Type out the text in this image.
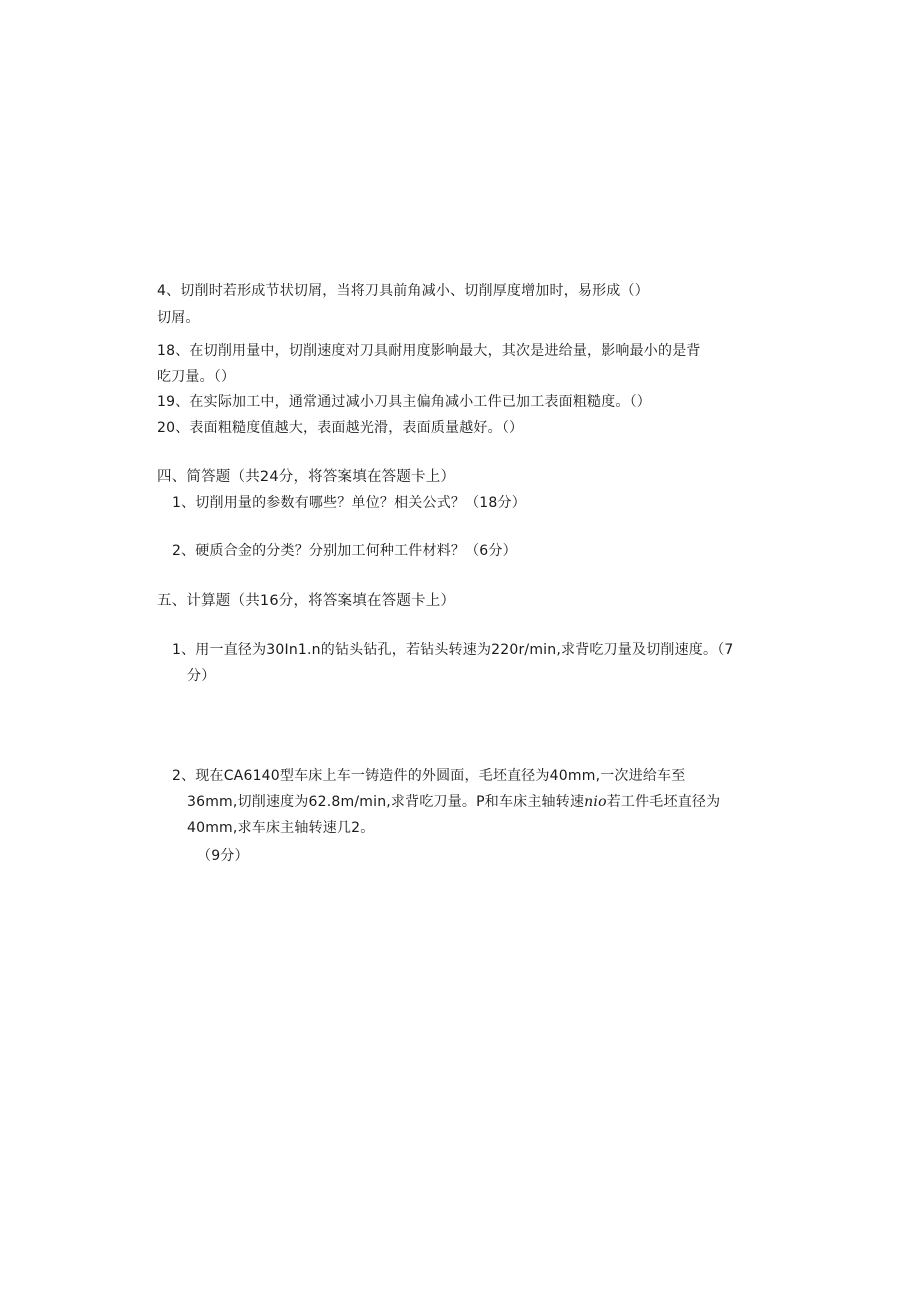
4、切削时若形成节状切屑，当将刀具前角减小、切削厚度增加时，易形成（）
切屑。
18、在切削用量中，切削速度对刀具耐用度影响最大，其次是进给量，影响最小的是背
吃刀量。（）
19、在实际加工中，通常通过减小刀具主偏角减小工件已加工表面粗糙度。（）
20、表面粗糙度值越大，表面越光滑，表面质量越好。（）
四、简答题（共24分，将答案填在答题卡上）
1、切削用量的参数有哪些？单位？相关公式？（18分）
2、硬质合金的分类？分别加工何种工件材料？（6分）
五、计算题（共16分，将答案填在答题卡上）
1、用一直径为30In1.n的钻头钻孔，若钻头转速为220r/min,求背吃刀量及切削速度。（7
分）
2、现在CA6140型车床上车一铸造件的外圆面，毛坯直径为40mm,一次进给车至
36mm,切削速度为62.8m/min,求背吃刀量。P和车床主轴转速nio若工件毛坯直径为
40mm,求车床主轴转速几2。
（9分）
